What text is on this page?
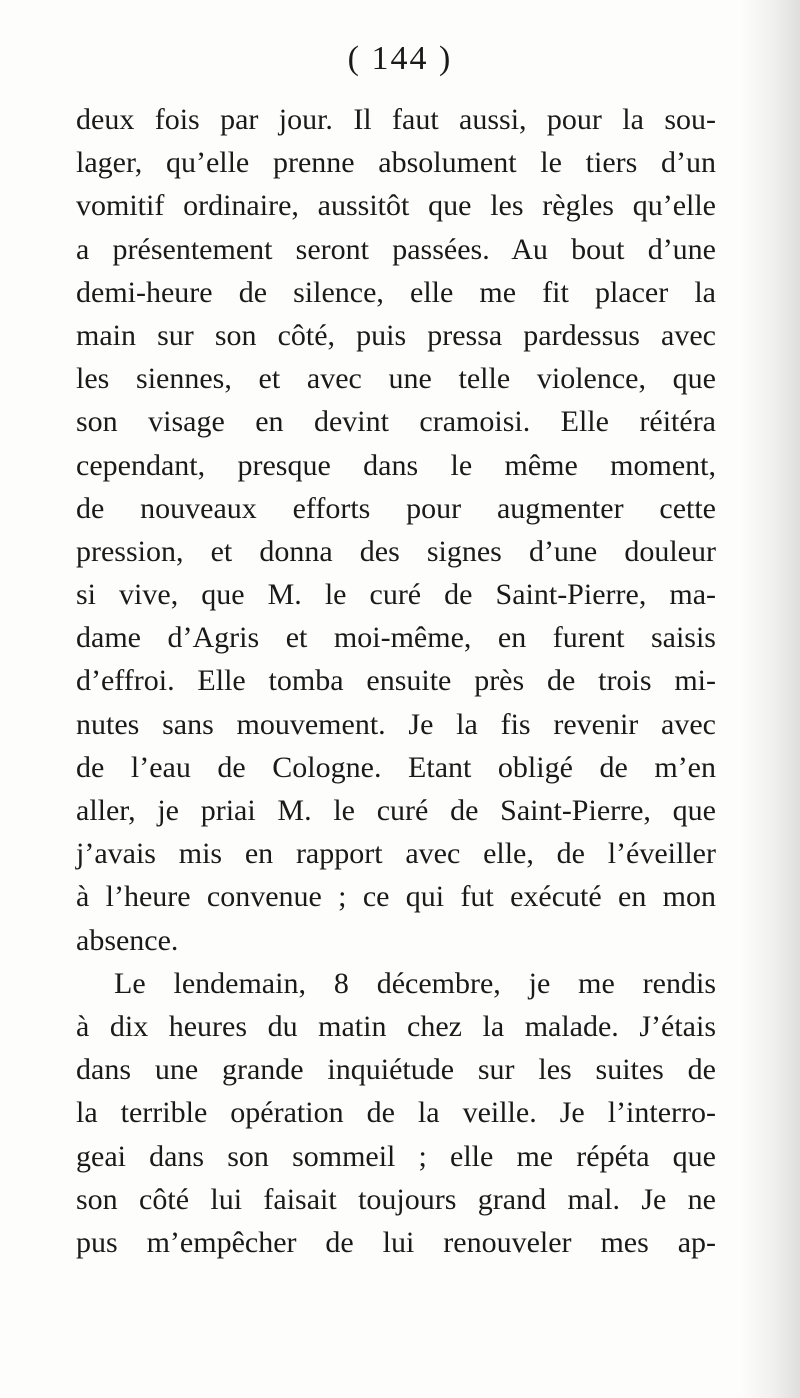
( 144 )
deux fois par jour. Il faut aussi, pour la sou-
lager, qu’elle prenne absolument le tiers d’un
vomitif ordinaire, aussitôt que les règles qu’elle
a présentement seront passées. Au bout d’une
demi-heure de silence, elle me fit placer la
main sur son côté, puis pressa pardessus avec
les siennes, et avec une telle violence, que
son visage en devint cramoisi. Elle réitéra
cependant, presque dans le même moment,
de nouveaux efforts pour augmenter cette
pression, et donna des signes d’une douleur
si vive, que M. le curé de Saint-Pierre, ma-
dame d’Agris et moi-même, en furent saisis
d’effroi. Elle tomba ensuite près de trois mi-
nutes sans mouvement. Je la fis revenir avec
de l’eau de Cologne. Etant obligé de m’en
aller, je priai M. le curé de Saint-Pierre, que
j’avais mis en rapport avec elle, de l’éveiller
à l’heure convenue ; ce qui fut exécuté en mon
absence.
Le lendemain, 8 décembre, je me rendis
à dix heures du matin chez la malade. J’étais
dans une grande inquiétude sur les suites de
la terrible opération de la veille. Je l’interro-
geai dans son sommeil ; elle me répéta que
son côté lui faisait toujours grand mal. Je ne
pus m’empêcher de lui renouveler mes ap-
